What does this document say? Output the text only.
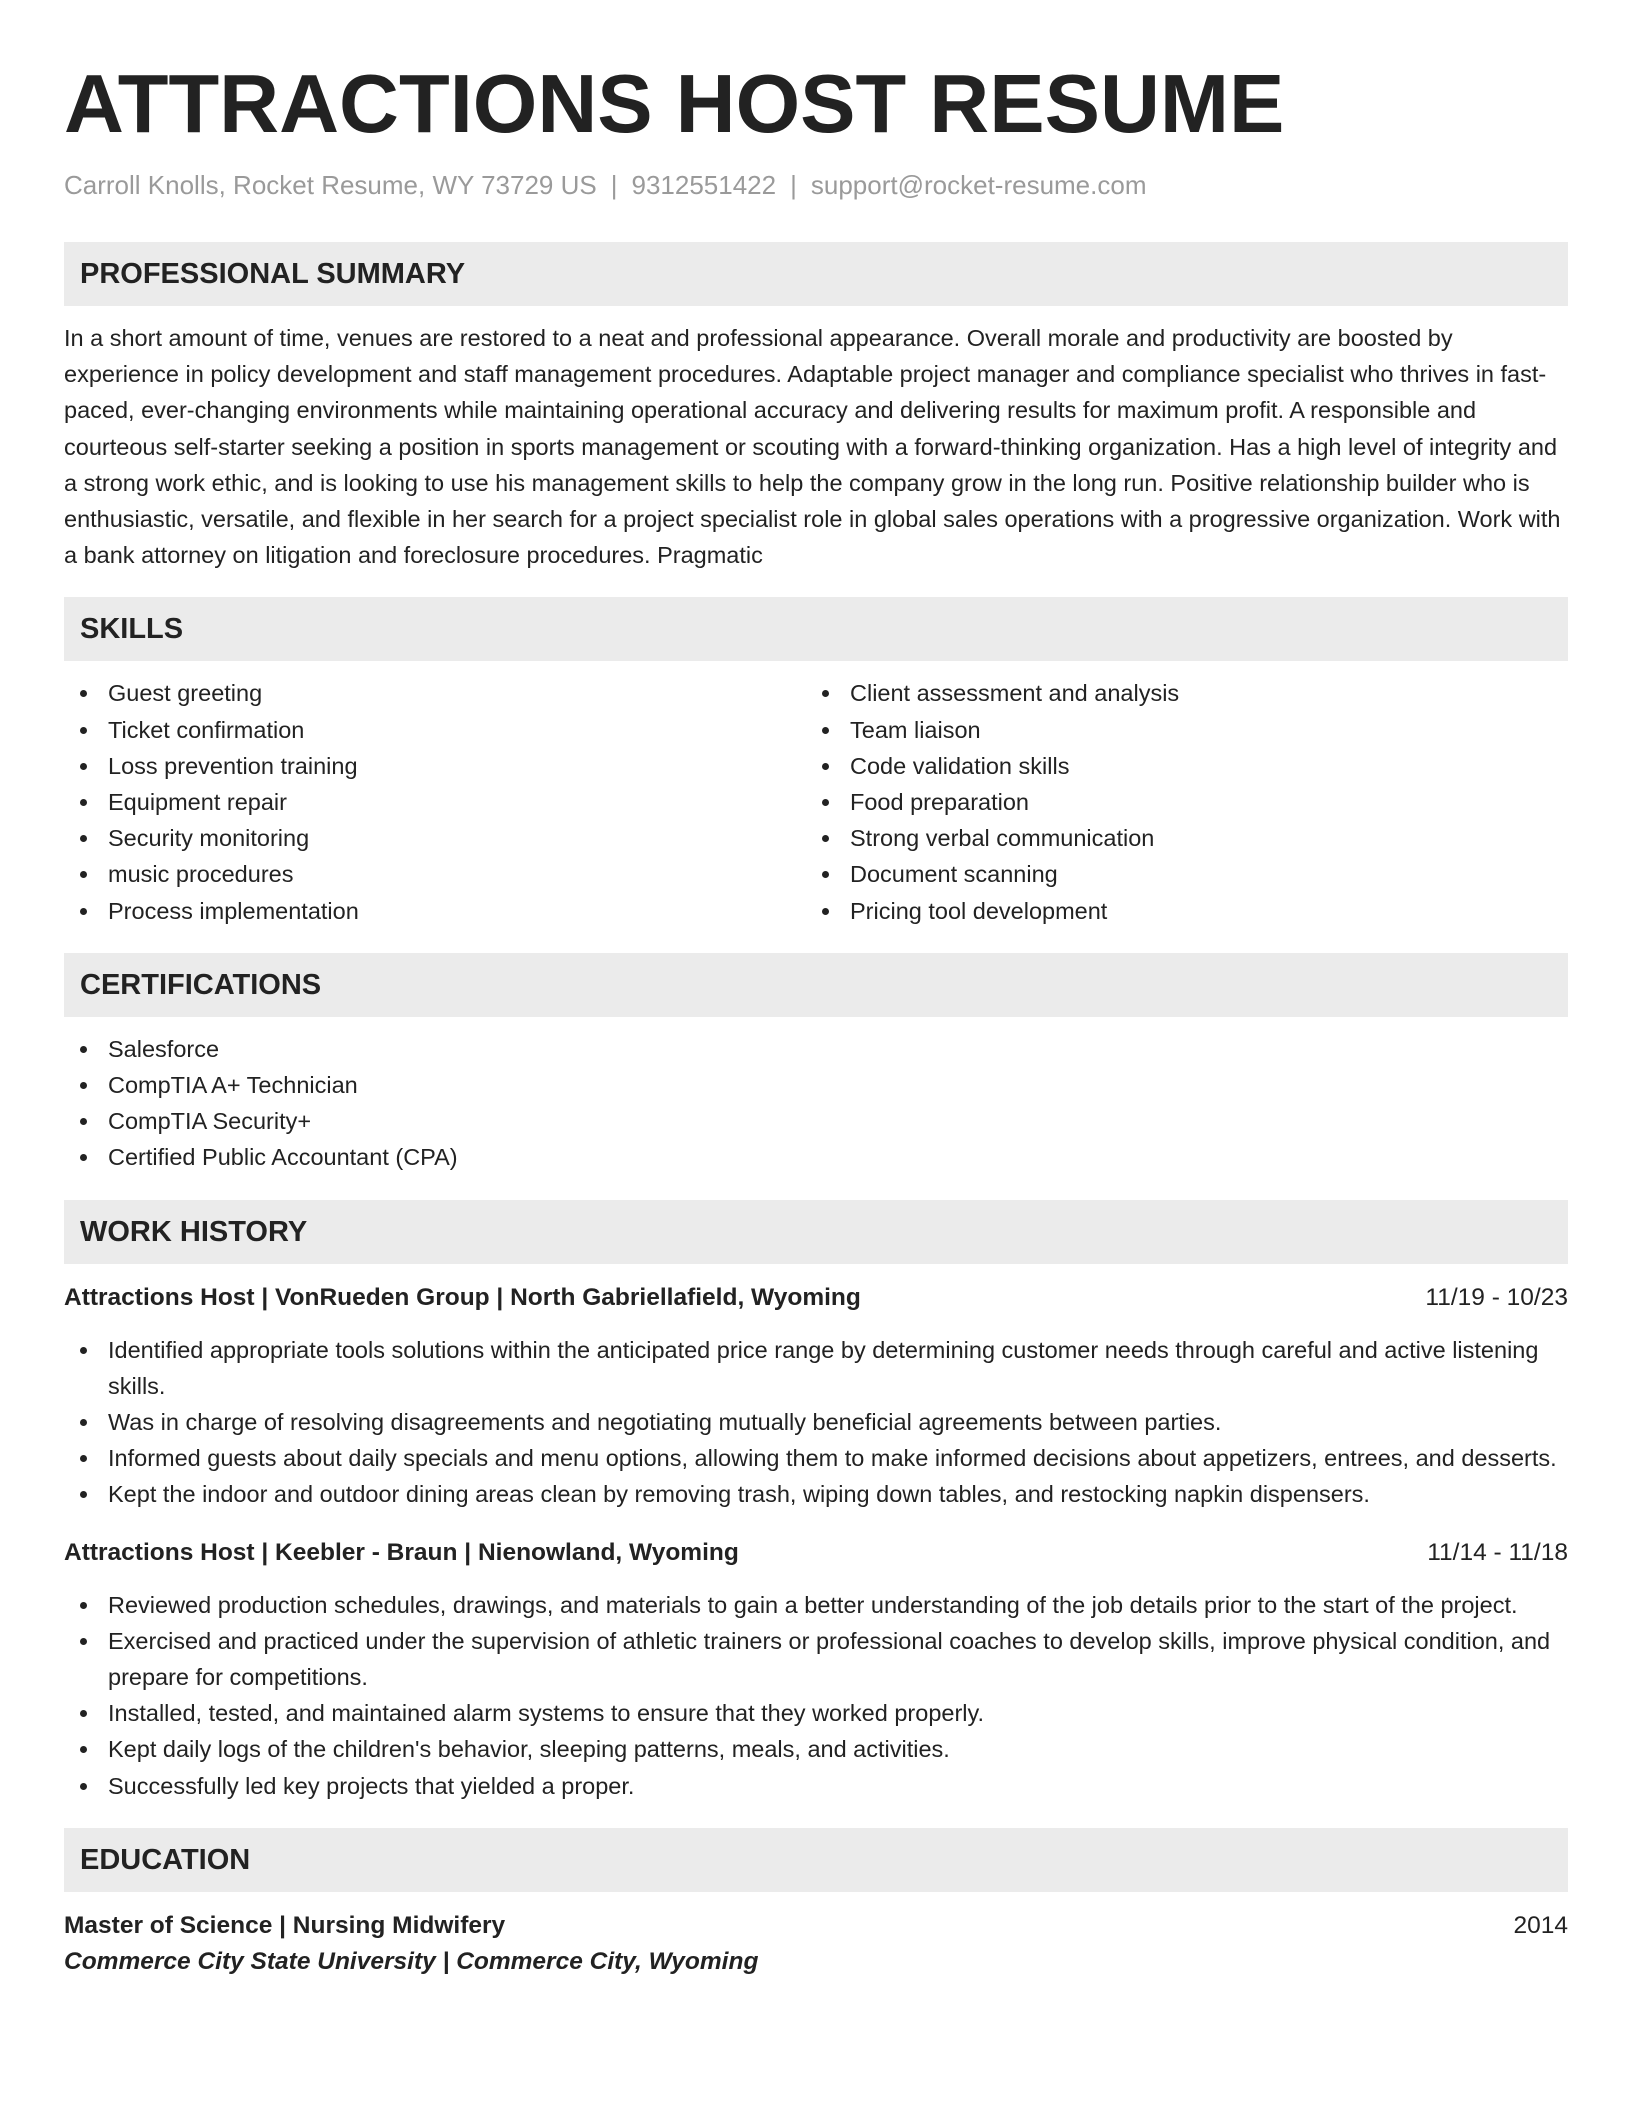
ATTRACTIONS HOST RESUME
Carroll Knolls, Rocket Resume, WY 73729 US | 9312551422 | support@rocket-resume.com
PROFESSIONAL SUMMARY
In a short amount of time, venues are restored to a neat and professional appearance. Overall morale and productivity are boosted by experience in policy development and staff management procedures. Adaptable project manager and compliance specialist who thrives in fast-paced, ever-changing environments while maintaining operational accuracy and delivering results for maximum profit. A responsible and courteous self-starter seeking a position in sports management or scouting with a forward-thinking organization. Has a high level of integrity and a strong work ethic, and is looking to use his management skills to help the company grow in the long run. Positive relationship builder who is enthusiastic, versatile, and flexible in her search for a project specialist role in global sales operations with a progressive organization. Work with a bank attorney on litigation and foreclosure procedures. Pragmatic
SKILLS
Guest greeting
Ticket confirmation
Loss prevention training
Equipment repair
Security monitoring
music procedures
Process implementation
Client assessment and analysis
Team liaison
Code validation skills
Food preparation
Strong verbal communication
Document scanning
Pricing tool development
CERTIFICATIONS
Salesforce
CompTIA A+ Technician
CompTIA Security+
Certified Public Accountant (CPA)
WORK HISTORY
Attractions Host | VonRueden Group | North Gabriellafield, Wyoming	11/19 - 10/23
Identified appropriate tools solutions within the anticipated price range by determining customer needs through careful and active listening skills.
Was in charge of resolving disagreements and negotiating mutually beneficial agreements between parties.
Informed guests about daily specials and menu options, allowing them to make informed decisions about appetizers, entrees, and desserts.
Kept the indoor and outdoor dining areas clean by removing trash, wiping down tables, and restocking napkin dispensers.
Attractions Host | Keebler - Braun | Nienowland, Wyoming	11/14 - 11/18
Reviewed production schedules, drawings, and materials to gain a better understanding of the job details prior to the start of the project.
Exercised and practiced under the supervision of athletic trainers or professional coaches to develop skills, improve physical condition, and prepare for competitions.
Installed, tested, and maintained alarm systems to ensure that they worked properly.
Kept daily logs of the children's behavior, sleeping patterns, meals, and activities.
Successfully led key projects that yielded a proper.
EDUCATION
Master of Science | Nursing Midwifery	2014
Commerce City State University | Commerce City, Wyoming
